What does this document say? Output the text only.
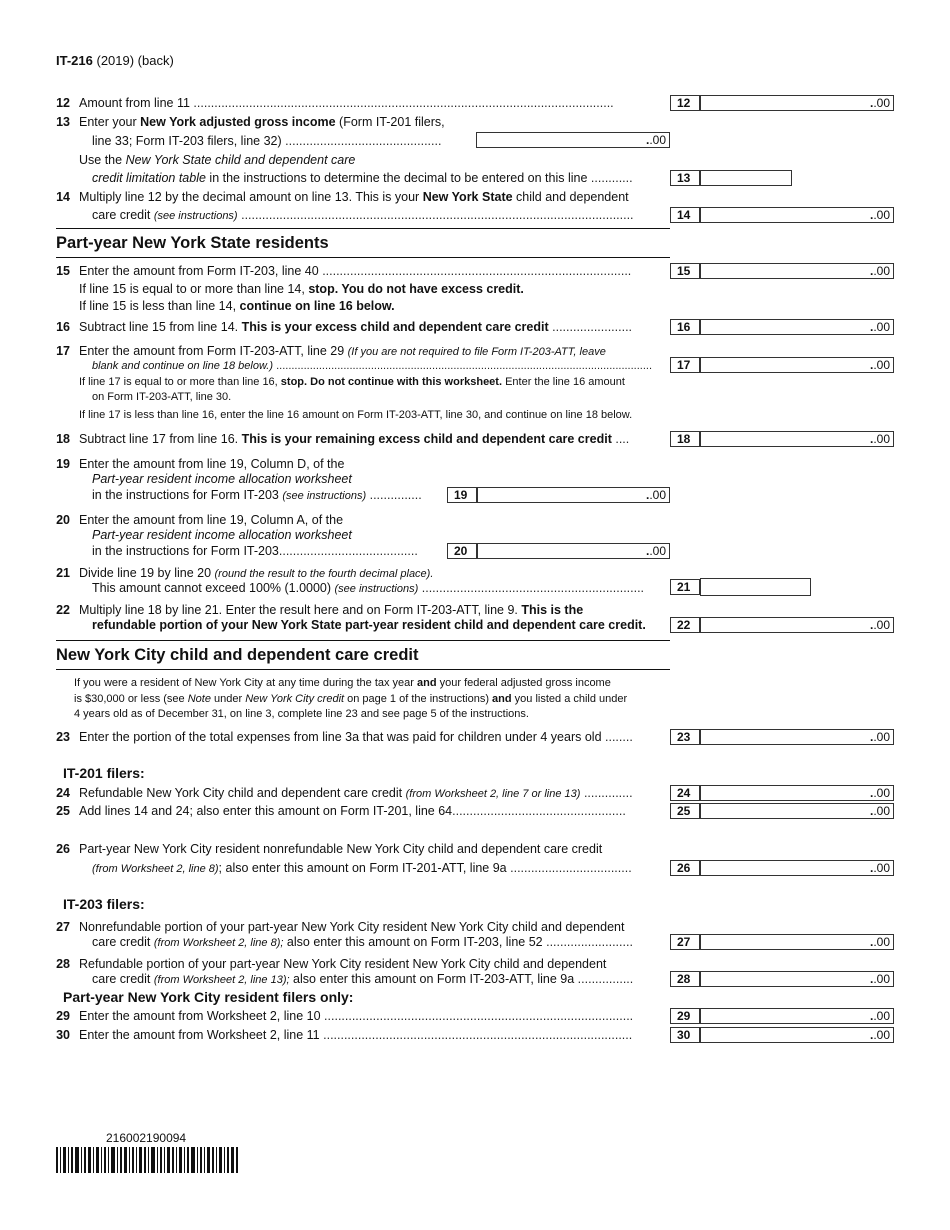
IT-216 (2019) (back)
12 Amount from line 11 .........................................................................................................................	12	..00
13 Enter your New York adjusted gross income (Form IT-201 filers,
line 33; Form IT-203 filers, line 32) .............................................	..00
Use the New York State child and dependent care
credit limitation table in the instructions to determine the decimal to be entered on this line ............	13
14 Multiply line 12 by the decimal amount on line 13. This is your New York State child and dependent
care credit (see instructions) .................................................................................................................	14	..00
Part-year New York State residents
15 Enter the amount from Form IT-203, line 40 .........................................................................................	15	..00
If line 15 is equal to or more than line 14, stop. You do not have excess credit.
If line 15 is less than line 14, continue on line 16 below.
16 Subtract line 15 from line 14. This is your excess child and dependent care credit .......................	16	..00
17 Enter the amount from Form IT-203-ATT, line 29 (If you are not required to file Form IT-203-ATT, leave
blank and continue on line 18 below.) ...........................................................................................................................	17	..00
If line 17 is equal to or more than line 16, stop. Do not continue with this worksheet. Enter the line 16 amount
on Form IT-203-ATT, line 30.
If line 17 is less than line 16, enter the line 16 amount on Form IT-203-ATT, line 30, and continue on line 18 below.
18 Subtract line 17 from line 16. This is your remaining excess child and dependent care credit ....	18	..00
19 Enter the amount from line 19, Column D, of the
Part-year resident income allocation worksheet
in the instructions for Form IT-203 (see instructions) ...............	19	..00
20 Enter the amount from line 19, Column A, of the
Part-year resident income allocation worksheet
in the instructions for Form IT-203........................................	20	..00
21 Divide line 19 by line 20 (round the result to the fourth decimal place).
This amount cannot exceed 100% (1.0000) (see instructions) ................................................................	21
22 Multiply line 18 by line 21. Enter the result here and on Form IT-203-ATT, line 9. This is the
refundable portion of your New York State part-year resident child and dependent care credit.	22	..00
New York City child and dependent care credit
If you were a resident of New York City at any time during the tax year and your federal adjusted gross income
is $30,000 or less (see Note under New York City credit on page 1 of the instructions) and you listed a child under
4 years old as of December 31, on line 3, complete line 23 and see page 5 of the instructions.
23 Enter the portion of the total expenses from line 3a that was paid for children under 4 years old ........	23	..00
IT-201 filers:
24 Refundable New York City child and dependent care credit (from Worksheet 2, line 7 or line 13) ..............	24	..00
25 Add lines 14 and 24; also enter this amount on Form IT-201, line 64..................................................	25	..00
26 Part-year New York City resident nonrefundable New York City child and dependent care credit
(from Worksheet 2, line 8); also enter this amount on Form IT-201-ATT, line 9a ...................................	26	..00
IT-203 filers:
27 Nonrefundable portion of your part-year New York City resident New York City child and dependent
care credit (from Worksheet 2, line 8); also enter this amount on Form IT-203, line 52 .........................	27	..00
28 Refundable portion of your part-year New York City resident New York City child and dependent
care credit (from Worksheet 2, line 13); also enter this amount on Form IT-203-ATT, line 9a ................	28	..00
Part-year New York City resident filers only:
29 Enter the amount from Worksheet 2, line 10 .........................................................................................	29	..00
30 Enter the amount from Worksheet 2, line 11 .........................................................................................	30	..00
216002190094
